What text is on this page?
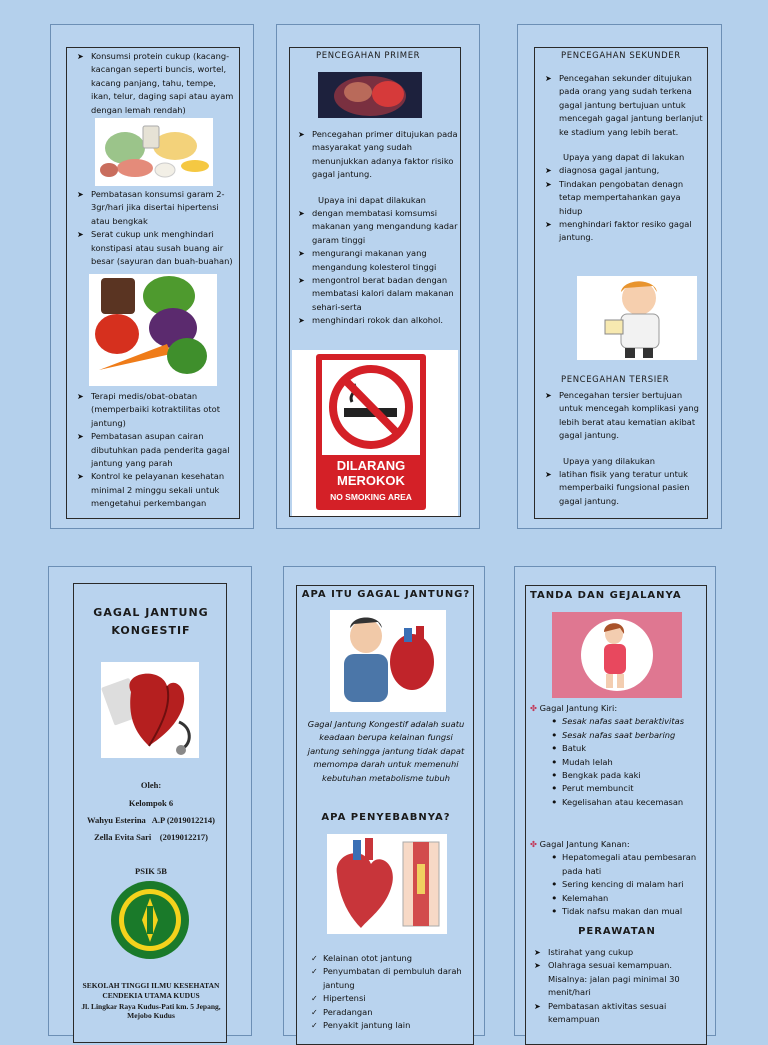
➤ Konsumsi protein cukup (kacang-kacangan seperti buncis, wortel, kacang panjang, tahu, tempe, ikan, telur, daging sapi atau ayam dengan lemah rendah)
➤ Pembatasan konsumsi garam 2-3gr/hari jika disertai hipertensi atau bengkak
➤ Serat cukup unk menghindari konstipasi atau susah buang air besar (sayuran dan buah-buahan)
➤ Terapi medis/obat-obatan (memperbaiki kotraktilitas otot jantung)
➤ Pembatasan asupan cairan dibutuhkan pada penderita gagal jantung yang parah
➤ Kontrol ke pelayanan kesehatan minimal 2 minggu sekali untuk mengetahui perkembangan
PENCEGAHAN PRIMER
➤ Pencegahan primer ditujukan pada masyarakat yang sudah menunjukkan adanya faktor risiko gagal jantung.

Upaya ini dapat dilakukan

➤ dengan membatasi komsumsi makanan yang mengandung kadar garam tinggi
➤ mengurangi makanan yang mengandung kolesterol tinggi
➤ mengontrol berat badan dengan membatasi kalori dalam makanan sehari-serta
➤ menghindari rokok dan alkohol.
DILARANG
MEROKOK
NO SMOKING AREA
PENCEGAHAN SEKUNDER
➤ Pencegahan sekunder ditujukan pada orang yang sudah terkena gagal jantung bertujuan untuk mencegah gagal jantung berlanjut ke stadium yang lebih berat.

Upaya yang dapat di lakukan

➤ diagnosa gagal jantung,
➤ Tindakan pengobatan denagn tetap mempertahankan gaya hidup
➤ menghindari faktor resiko gagal jantung.
PENCEGAHAN TERSIER
➤ Pencegahan tersier bertujuan untuk mencegah komplikasi yang lebih berat atau kematian akibat gagal jantung.

Upaya yang dilakukan

➤ latihan fisik yang teratur untuk memperbaiki fungsional pasien gagal jantung.
GAGAL JANTUNG
KONGESTIF
Oleh:
Kelompok 6
Wahyu Esterina   A.P (2019012214)
Zella Evita Sari    (2019012217)
PSIK 5B
SEKOLAH TINGGI ILMU KESEHATAN
CENDEKIA UTAMA KUDUS
Jl. Lingkar Raya Kudus-Pati km. 5 Jepang, Mejobo Kudus
APA ITU GAGAL JANTUNG?
Gagal Jantung Kongestif adalah suatu keadaan berupa kelainan fungsi jantung sehingga jantung tidak dapat memompa darah untuk memenuhi kebutuhan metabolisme tubuh
APA PENYEBABNYA?
✓ Kelainan otot jantung
✓ Penyumbatan di pembuluh darah jantung
✓ Hipertensi
✓ Peradangan
✓ Penyakit jantung lain
TANDA DAN GEJALANYA
✤ Gagal Jantung Kiri:
• Sesak nafas saat beraktivitas
• Sesak nafas saat berbaring
• Batuk
• Mudah lelah
• Bengkak pada kaki
• Perut membuncit
• Kegelisahan atau kecemasan
✤ Gagal Jantung Kanan:
• Hepatomegali atau pembesaran pada hati
• Sering kencing di malam hari
• Kelemahan
• Tidak nafsu makan dan mual
PERAWATAN
➤ Istirahat yang cukup
➤ Olahraga sesuai kemampuan. Misalnya: jalan pagi minimal 30 menit/hari
➤ Pembatasan aktivitas sesuai kemampuan
